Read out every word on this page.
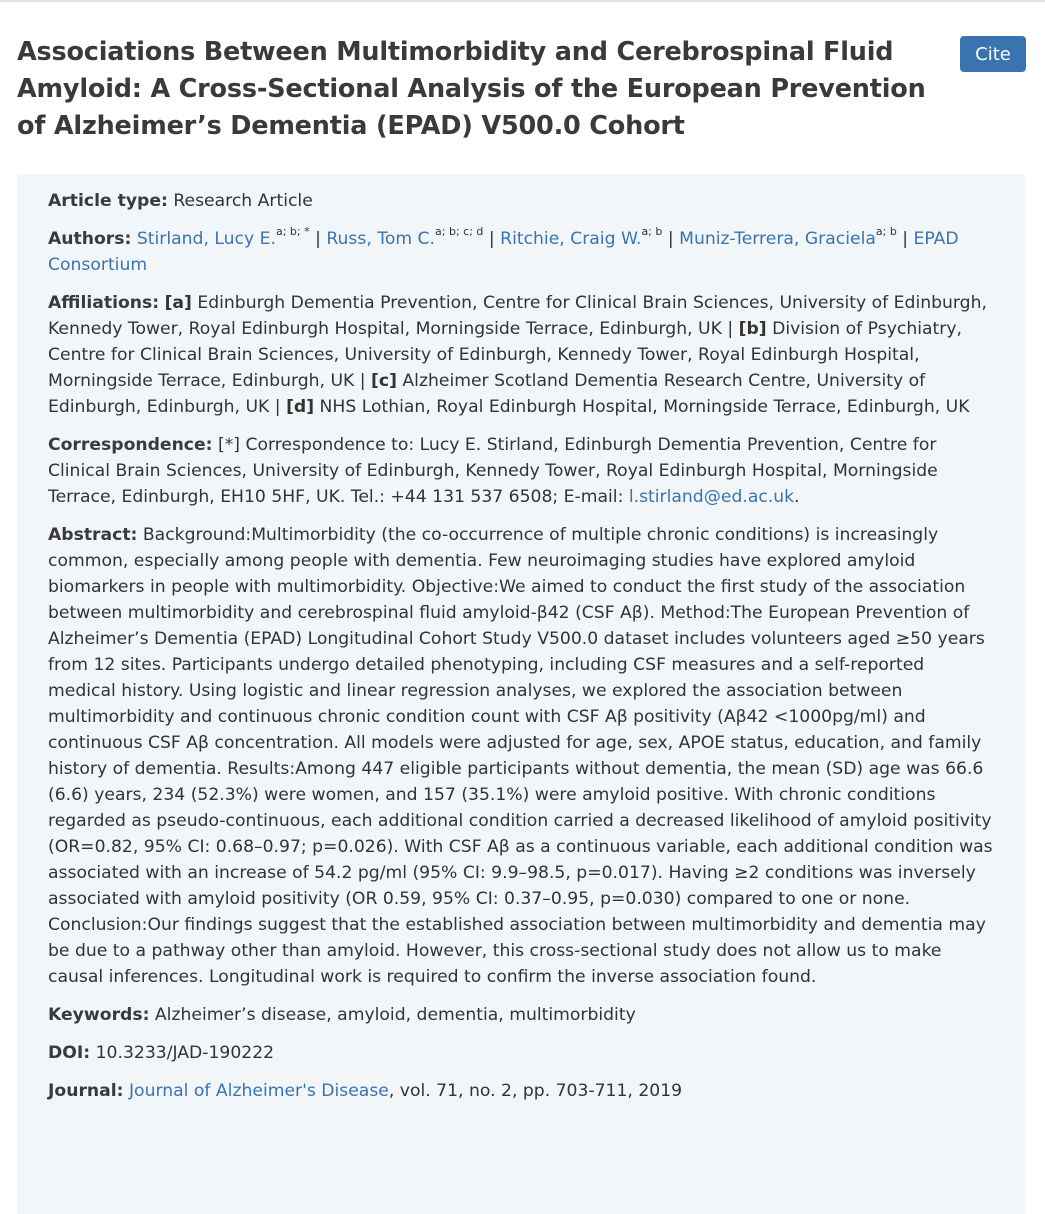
Associations Between Multimorbidity and Cerebrospinal Fluid Amyloid: A Cross-Sectional Analysis of the European Prevention of Alzheimer’s Dementia (EPAD) V500.0 Cohort
Cite

Article type: Research Article

Authors: Stirland, Lucy E.$^{a; b; *}$ | Russ, Tom C.$^{a; b; c; d}$ | Ritchie, Craig W.$^{a; b}$ | Muniz-Terrera, Graciela$^{a; b}$ | EPAD Consortium

Affiliations: [a] Edinburgh Dementia Prevention, Centre for Clinical Brain Sciences, University of Edinburgh, Kennedy Tower, Royal Edinburgh Hospital, Morningside Terrace, Edinburgh, UK | [b] Division of Psychiatry, Centre for Clinical Brain Sciences, University of Edinburgh, Kennedy Tower, Royal Edinburgh Hospital, Morningside Terrace, Edinburgh, UK | [c] Alzheimer Scotland Dementia Research Centre, University of Edinburgh, Edinburgh, UK | [d] NHS Lothian, Royal Edinburgh Hospital, Morningside Terrace, Edinburgh, UK

Correspondence: [*] Correspondence to: Lucy E. Stirland, Edinburgh Dementia Prevention, Centre for Clinical Brain Sciences, University of Edinburgh, Kennedy Tower, Royal Edinburgh Hospital, Morningside Terrace, Edinburgh, EH10 5HF, UK. Tel.: +44 131 537 6508; E-mail: l.stirland@ed.ac.uk.

Abstract: Background:Multimorbidity (the co-occurrence of multiple chronic conditions) is increasingly common, especially among people with dementia. Few neuroimaging studies have explored amyloid biomarkers in people with multimorbidity. Objective:We aimed to conduct the first study of the association between multimorbidity and cerebrospinal fluid amyloid-β42 (CSF Aβ). Method:The European Prevention of Alzheimer’s Dementia (EPAD) Longitudinal Cohort Study V500.0 dataset includes volunteers aged ≥50 years from 12 sites. Participants undergo detailed phenotyping, including CSF measures and a self-reported medical history. Using logistic and linear regression analyses, we explored the association between multimorbidity and continuous chronic condition count with CSF Aβ positivity (Aβ42 <1000pg/ml) and continuous CSF Aβ concentration. All models were adjusted for age, sex, APOE status, education, and family history of dementia. Results:Among 447 eligible participants without dementia, the mean (SD) age was 66.6 (6.6) years, 234 (52.3%) were women, and 157 (35.1%) were amyloid positive. With chronic conditions regarded as pseudo-continuous, each additional condition carried a decreased likelihood of amyloid positivity (OR=0.82, 95% CI: 0.68–0.97; p=0.026). With CSF Aβ as a continuous variable, each additional condition was associated with an increase of 54.2 pg/ml (95% CI: 9.9–98.5, p=0.017). Having ≥2 conditions was inversely associated with amyloid positivity (OR 0.59, 95% CI: 0.37–0.95, p=0.030) compared to one or none. Conclusion:Our findings suggest that the established association between multimorbidity and dementia may be due to a pathway other than amyloid. However, this cross-sectional study does not allow us to make causal inferences. Longitudinal work is required to confirm the inverse association found.

Keywords: Alzheimer’s disease, amyloid, dementia, multimorbidity

DOI: 10.3233/JAD-190222

Journal: Journal of Alzheimer's Disease, vol. 71, no. 2, pp. 703-711, 2019
